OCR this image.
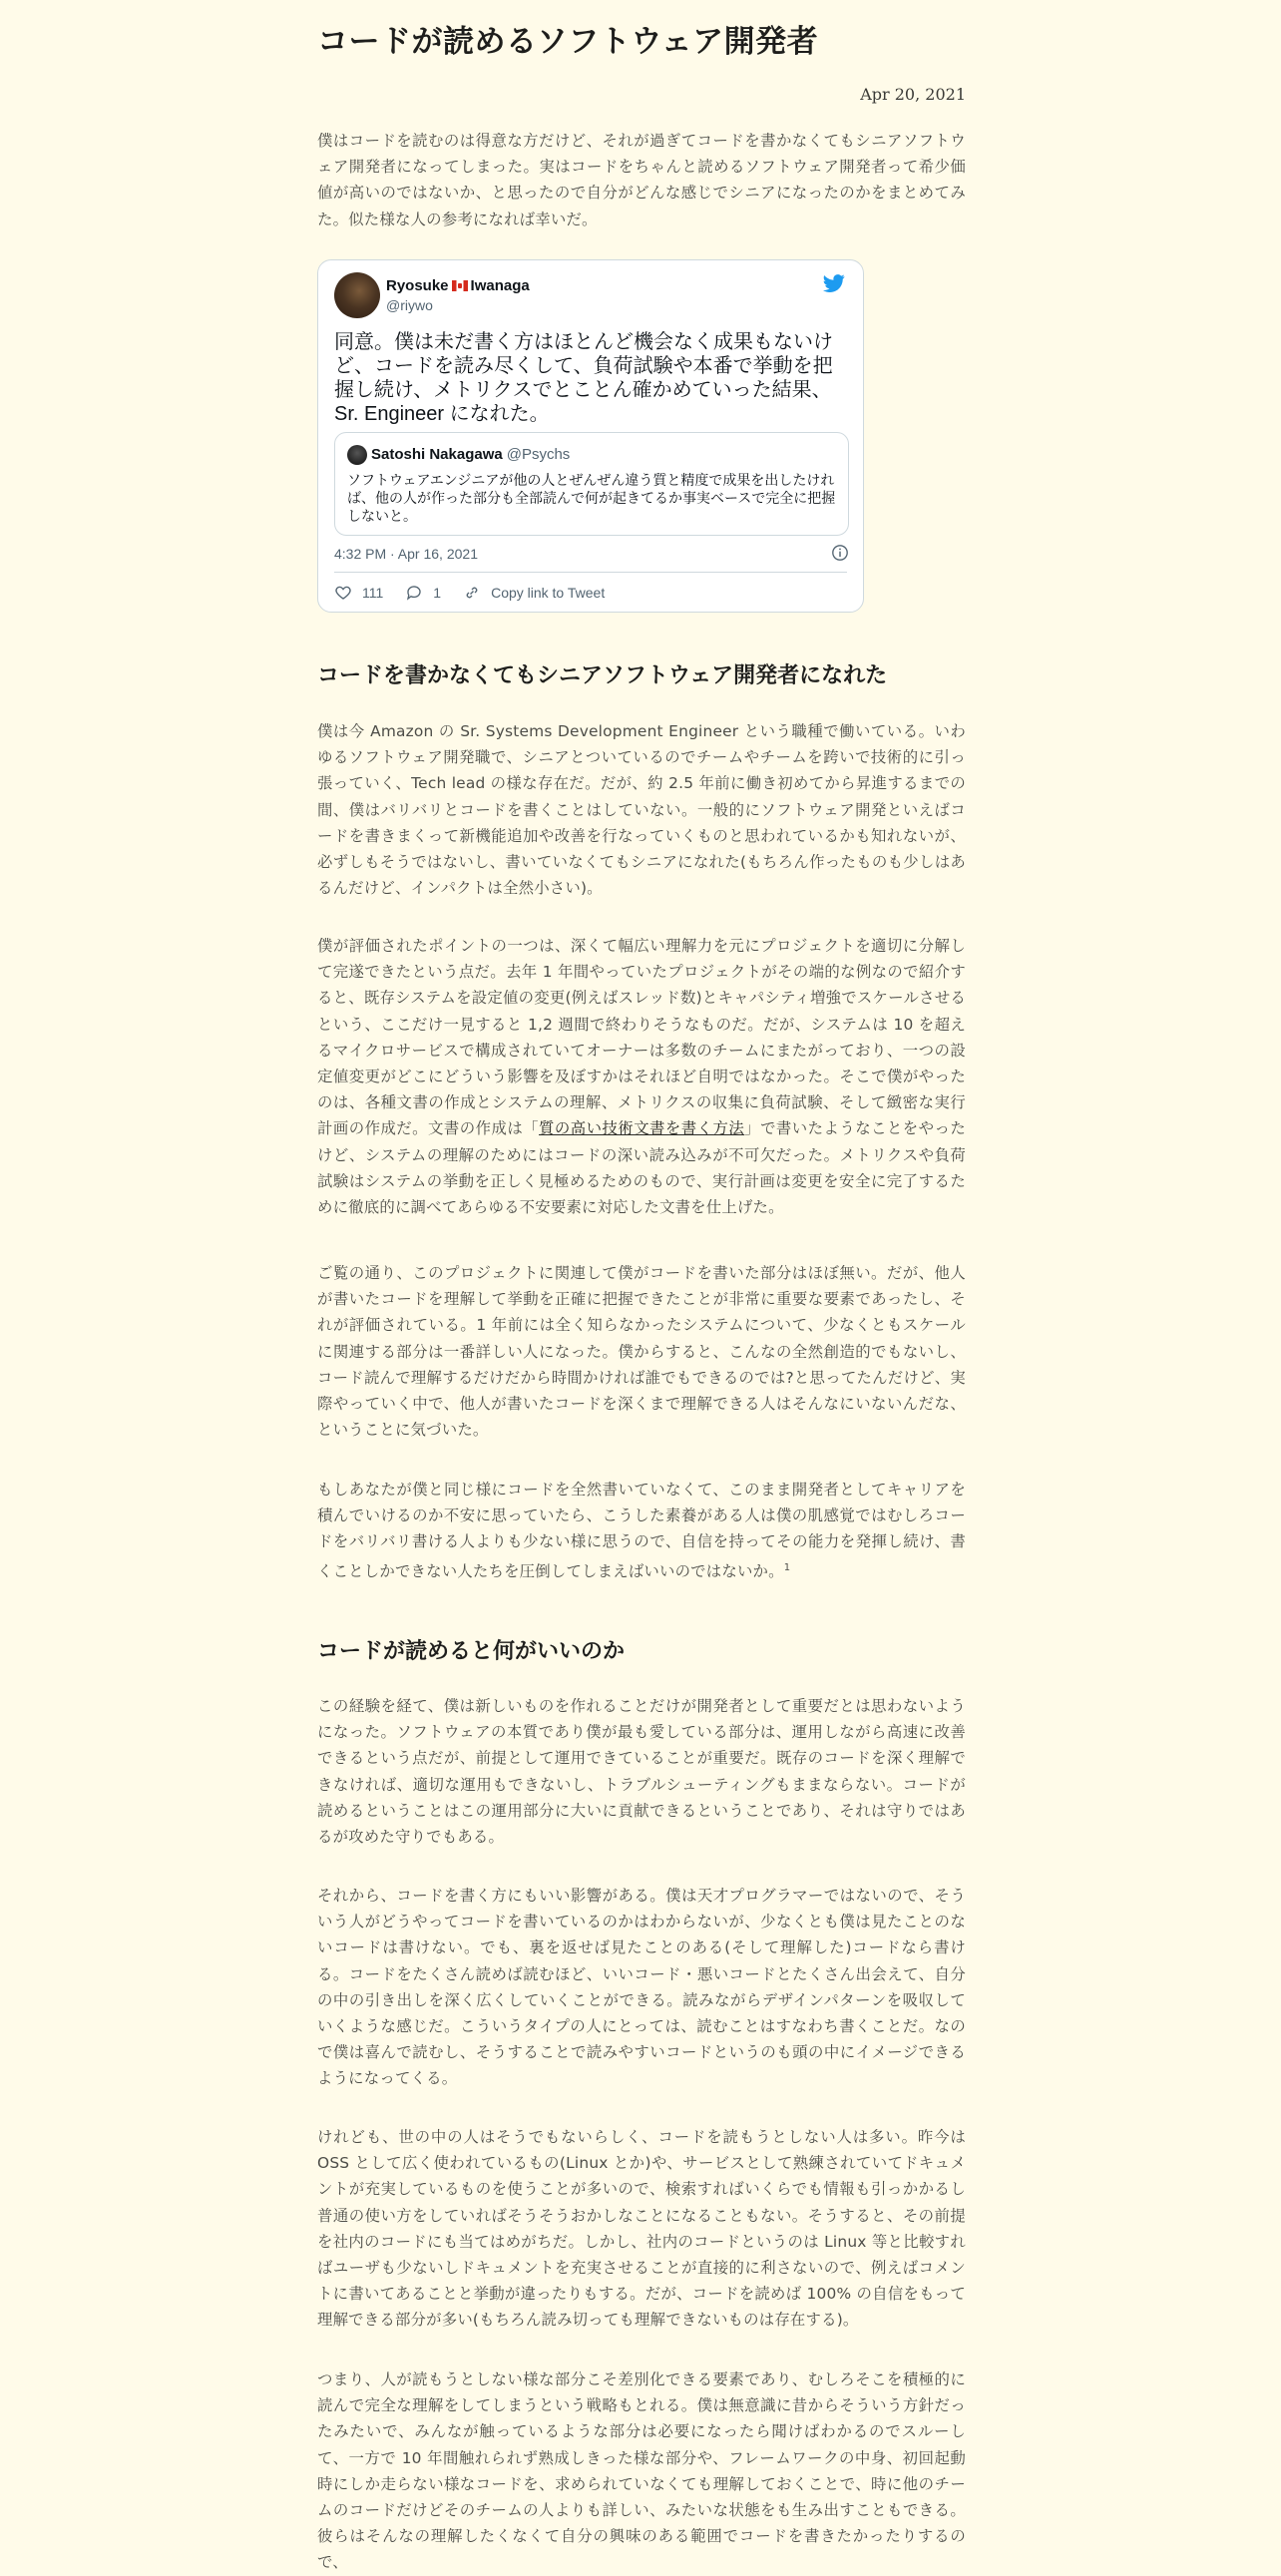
コードが読めるソフトウェア開発者
Apr 20, 2021

僕はコードを読むのは得意な方だけど、それが過ぎてコードを書かなくてもシニアソフトウェア開発者になってしまった。実はコードをちゃんと読めるソフトウェア開発者って希少価値が高いのではないか、と思ったので自分がどんな感じでシニアになったのかをまとめてみた。似た様な人の参考になれば幸いだ。

Ryosuke Iwanaga
@riywo
同意。僕は未だ書く方はほとんど機会なく成果もないけど、コードを読み尽くして、負荷試験や本番で挙動を把握し続け、メトリクスでとことん確かめていった結果、Sr. Engineer になれた。
Satoshi Nakagawa @Psychs
ソフトウェアエンジニアが他の人とぜんぜん違う質と精度で成果を出したければ、他の人が作った部分も全部読んで何が起きてるか事実ベースで完全に把握しないと。
4:32 PM · Apr 16, 2021
111	1	Copy link to Tweet
コードを書かなくてもシニアソフトウェア開発者になれた

僕は今 Amazon の Sr. Systems Development Engineer という職種で働いている。いわゆるソフトウェア開発職で、シニアとついているのでチームやチームを跨いで技術的に引っ張っていく、Tech lead の様な存在だ。だが、約 2.5 年前に働き初めてから昇進するまでの間、僕はバリバリとコードを書くことはしていない。一般的にソフトウェア開発といえばコードを書きまくって新機能追加や改善を行なっていくものと思われているかも知れないが、必ずしもそうではないし、書いていなくてもシニアになれた(もちろん作ったものも少しはあるんだけど、インパクトは全然小さい)。

僕が評価されたポイントの一つは、深くて幅広い理解力を元にプロジェクトを適切に分解して完遂できたという点だ。去年 1 年間やっていたプロジェクトがその端的な例なので紹介すると、既存システムを設定値の変更(例えばスレッド数)とキャパシティ増強でスケールさせるという、ここだけ一見すると 1,2 週間で終わりそうなものだ。だが、システムは 10 を超えるマイクロサービスで構成されていてオーナーは多数のチームにまたがっており、一つの設定値変更がどこにどういう影響を及ぼすかはそれほど自明ではなかった。そこで僕がやったのは、各種文書の作成とシステムの理解、メトリクスの収集に負荷試験、そして緻密な実行計画の作成だ。文書の作成は「質の高い技術文書を書く方法」で書いたようなことをやったけど、システムの理解のためにはコードの深い読み込みが不可欠だった。メトリクスや負荷試験はシステムの挙動を正しく見極めるためのもので、実行計画は変更を安全に完了するために徹底的に調べてあらゆる不安要素に対応した文書を仕上げた。

ご覧の通り、このプロジェクトに関連して僕がコードを書いた部分はほぼ無い。だが、他人が書いたコードを理解して挙動を正確に把握できたことが非常に重要な要素であったし、それが評価されている。1 年前には全く知らなかったシステムについて、少なくともスケールに関連する部分は一番詳しい人になった。僕からすると、こんなの全然創造的でもないし、コード読んで理解するだけだから時間かければ誰でもできるのでは?と思ってたんだけど、実際やっていく中で、他人が書いたコードを深くまで理解できる人はそんなにいないんだな、ということに気づいた。

もしあなたが僕と同じ様にコードを全然書いていなくて、このまま開発者としてキャリアを積んでいけるのか不安に思っていたら、こうした素養がある人は僕の肌感覚ではむしろコードをバリバリ書ける人よりも少ない様に思うので、自信を持ってその能力を発揮し続け、書くことしかできない人たちを圧倒してしまえばいいのではないか。$^1$

コードが読めると何がいいのか

この経験を経て、僕は新しいものを作れることだけが開発者として重要だとは思わないようになった。ソフトウェアの本質であり僕が最も愛している部分は、運用しながら高速に改善できるという点だが、前提として運用できていることが重要だ。既存のコードを深く理解できなければ、適切な運用もできないし、トラブルシューティングもままならない。コードが読めるということはこの運用部分に大いに貢献できるということであり、それは守りではあるが攻めた守りでもある。

それから、コードを書く方にもいい影響がある。僕は天才プログラマーではないので、そういう人がどうやってコードを書いているのかはわからないが、少なくとも僕は見たことのないコードは書けない。でも、裏を返せば見たことのある(そして理解した)コードなら書ける。コードをたくさん読めば読むほど、いいコード・悪いコードとたくさん出会えて、自分の中の引き出しを深く広くしていくことができる。読みながらデザインパターンを吸収していくような感じだ。こういうタイプの人にとっては、読むことはすなわち書くことだ。なので僕は喜んで読むし、そうすることで読みやすいコードというのも頭の中にイメージできるようになってくる。

けれども、世の中の人はそうでもないらしく、コードを読もうとしない人は多い。昨今は OSS として広く使われているもの(Linux とか)や、サービスとして熟練されていてドキュメントが充実しているものを使うことが多いので、検索すればいくらでも情報も引っかかるし普通の使い方をしていればそうそうおかしなことになることもない。そうすると、その前提を社内のコードにも当てはめがちだ。しかし、社内のコードというのは Linux 等と比較すればユーザも少ないしドキュメントを充実させることが直接的に利さないので、例えばコメントに書いてあることと挙動が違ったりもする。だが、コードを読めば 100% の自信をもって理解できる部分が多い(もちろん読み切っても理解できないものは存在する)。

つまり、人が読もうとしない様な部分こそ差別化できる要素であり、むしろそこを積極的に読んで完全な理解をしてしまうという戦略もとれる。僕は無意識に昔からそういう方針だったみたいで、みんなが触っているような部分は必要になったら聞けばわかるのでスルーして、一方で 10 年間触れられず熟成しきった様な部分や、フレームワークの中身、初回起動時にしか走らない様なコードを、求められていなくても理解しておくことで、時に他のチームのコードだけどそのチームの人よりも詳しい、みたいな状態をも生み出すこともできる。彼らはそんなの理解したくなくて自分の興味のある範囲でコードを書きたかったりするので、
